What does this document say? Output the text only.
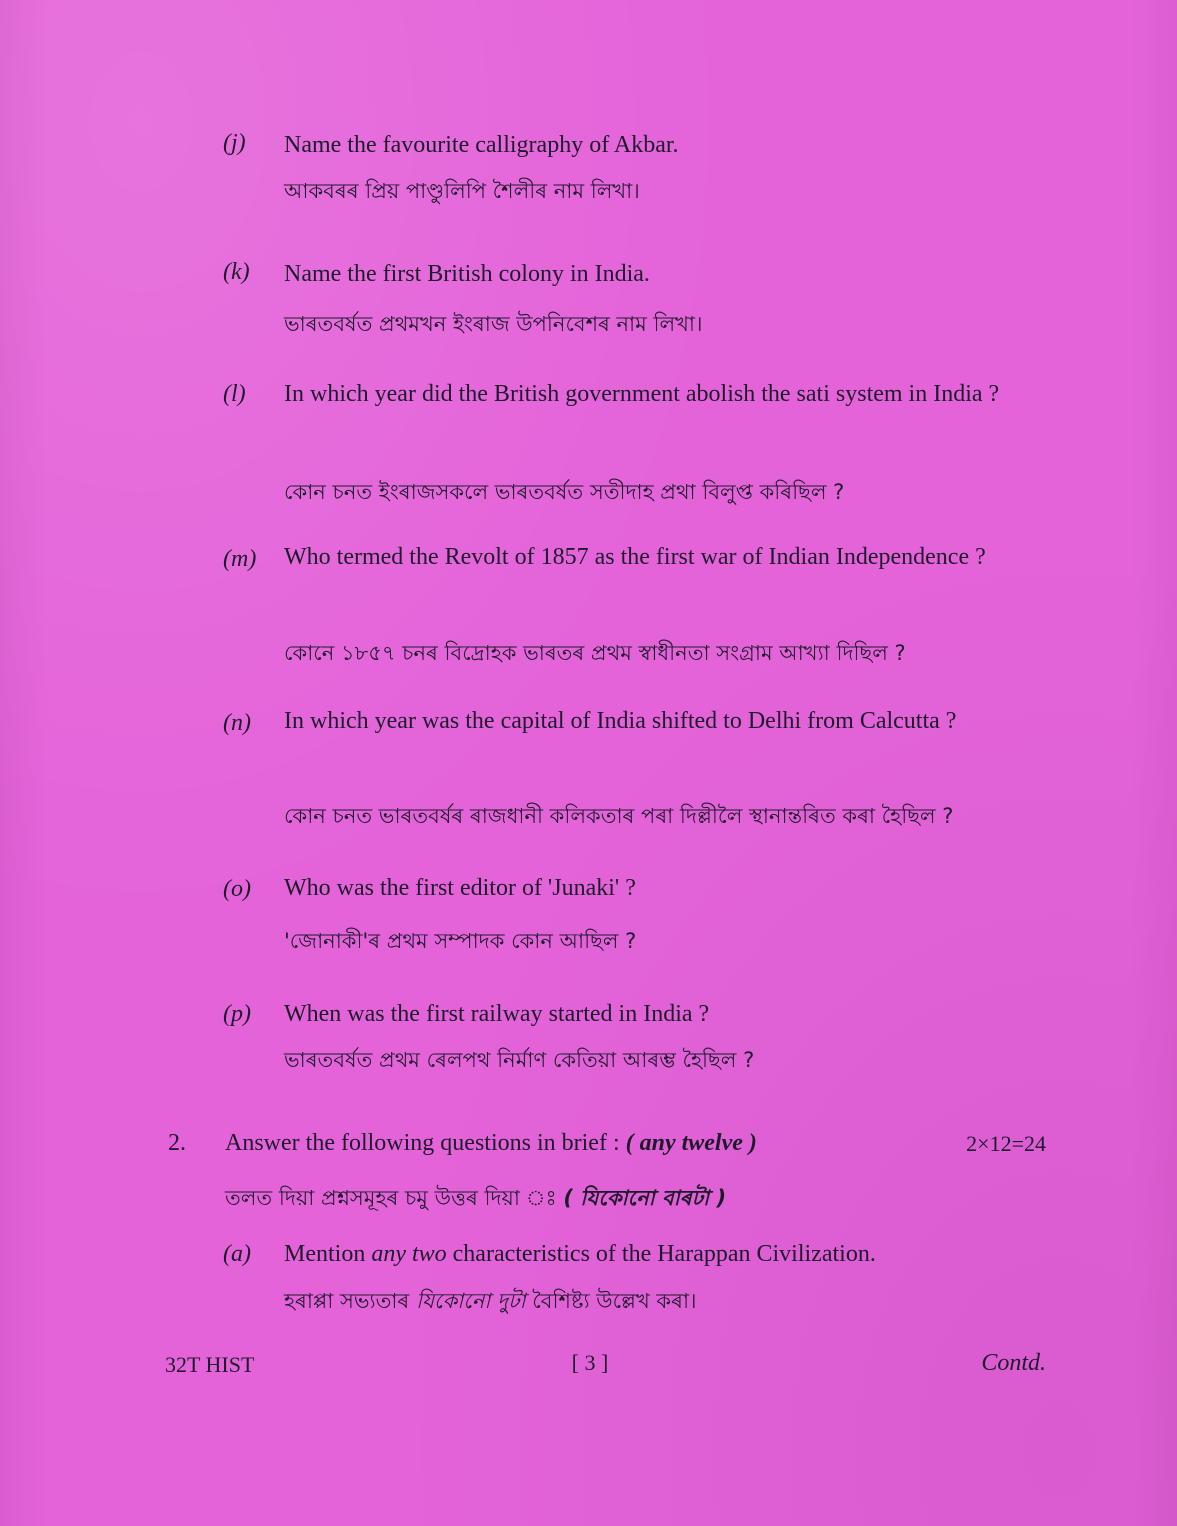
(j) Name the favourite calligraphy of Akbar.
আকবৰৰ প্ৰিয় পাণ্ডুলিপি শৈলীৰ নাম লিখা।
(k) Name the first British colony in India.
ভাৰতবৰ্ষত প্ৰথমখন ইংৰাজ উপনিবেশৰ নাম লিখা।
(l) In which year did the British government abolish the sati system in India ?
কোন চনত ইংৰাজসকলে ভাৰতবৰ্ষত সতীদাহ প্ৰথা বিলুপ্ত কৰিছিল ?
(m) Who termed the Revolt of 1857 as the first war of Indian Independence ?
কোনে ১৮৫৭ চনৰ বিদ্ৰোহক ভাৰতৰ প্ৰথম স্বাধীনতা সংগ্ৰাম আখ্যা দিছিল ?
(n) In which year was the capital of India shifted to Delhi from Calcutta ?
কোন চনত ভাৰতবৰ্ষৰ ৰাজধানী কলিকতাৰ পৰা দিল্লীলৈ স্থানান্তৰিত কৰা হৈছিল ?
(o) Who was the first editor of 'Junaki' ?
'জোনাকী'ৰ প্ৰথম সম্পাদক কোন আছিল ?
(p) When was the first railway started in India ?
ভাৰতবৰ্ষত প্ৰথম ৰেলপথ নিৰ্মাণ কেতিয়া আৰম্ভ হৈছিল ?
2. Answer the following questions in brief : ( any twelve )	2×12=24
তলত দিয়া প্ৰশ্নসমূহৰ চমু উত্তৰ দিয়া ঃ ( যিকোনো বাৰটা )
(a) Mention any two characteristics of the Harappan Civilization.
হৰাপ্পা সভ্যতাৰ যিকোনো দুটা বৈশিষ্ট্য উল্লেখ কৰা।
32T HIST	[ 3 ]	Contd.
